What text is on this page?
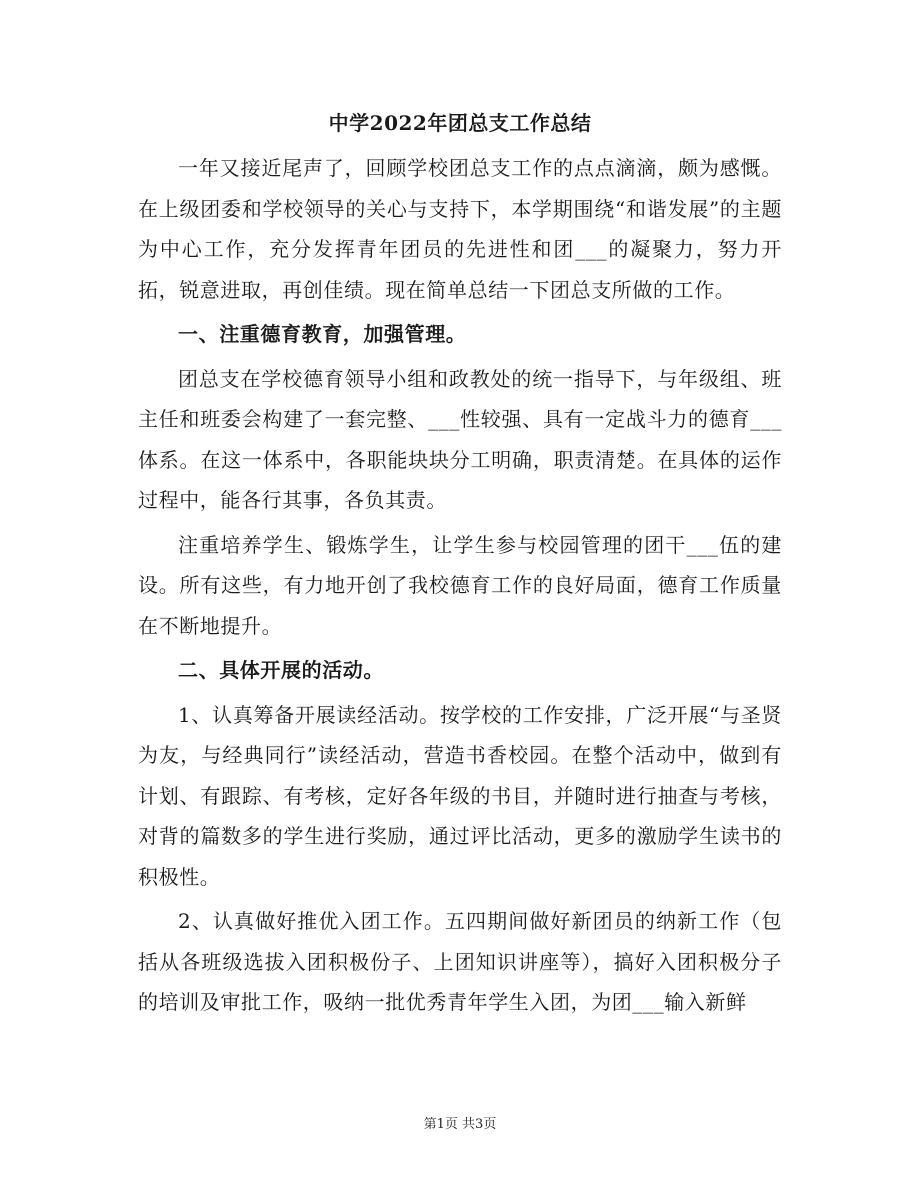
中学2022年团总支工作总结

一年又接近尾声了，回顾学校团总支工作的点点滴滴，颇为感慨。在上级团委和学校领导的关心与支持下，本学期围绕“和谐发展”的主题为中心工作，充分发挥青年团员的先进性和团___的凝聚力，努力开拓，锐意进取，再创佳绩。现在简单总结一下团总支所做的工作。

一、注重德育教育，加强管理。

团总支在学校德育领导小组和政教处的统一指导下，与年级组、班主任和班委会构建了一套完整、___性较强、具有一定战斗力的德育___体系。在这一体系中，各职能块块分工明确，职责清楚。在具体的运作过程中，能各行其事，各负其责。

注重培养学生、锻炼学生，让学生参与校园管理的团干___伍的建设。所有这些，有力地开创了我校德育工作的良好局面，德育工作质量在不断地提升。

二、具体开展的活动。

1、认真筹备开展读经活动。按学校的工作安排，广泛开展“与圣贤为友，与经典同行”读经活动，营造书香校园。在整个活动中，做到有计划、有跟踪、有考核，定好各年级的书目，并随时进行抽查与考核，对背的篇数多的学生进行奖励，通过评比活动，更多的激励学生读书的积极性。

2、认真做好推优入团工作。五四期间做好新团员的纳新工作（包括从各班级选拔入团积极份子、上团知识讲座等），搞好入团积极分子的培训及审批工作，吸纳一批优秀青年学生入团，为团___输入新鲜

第1页 共3页
